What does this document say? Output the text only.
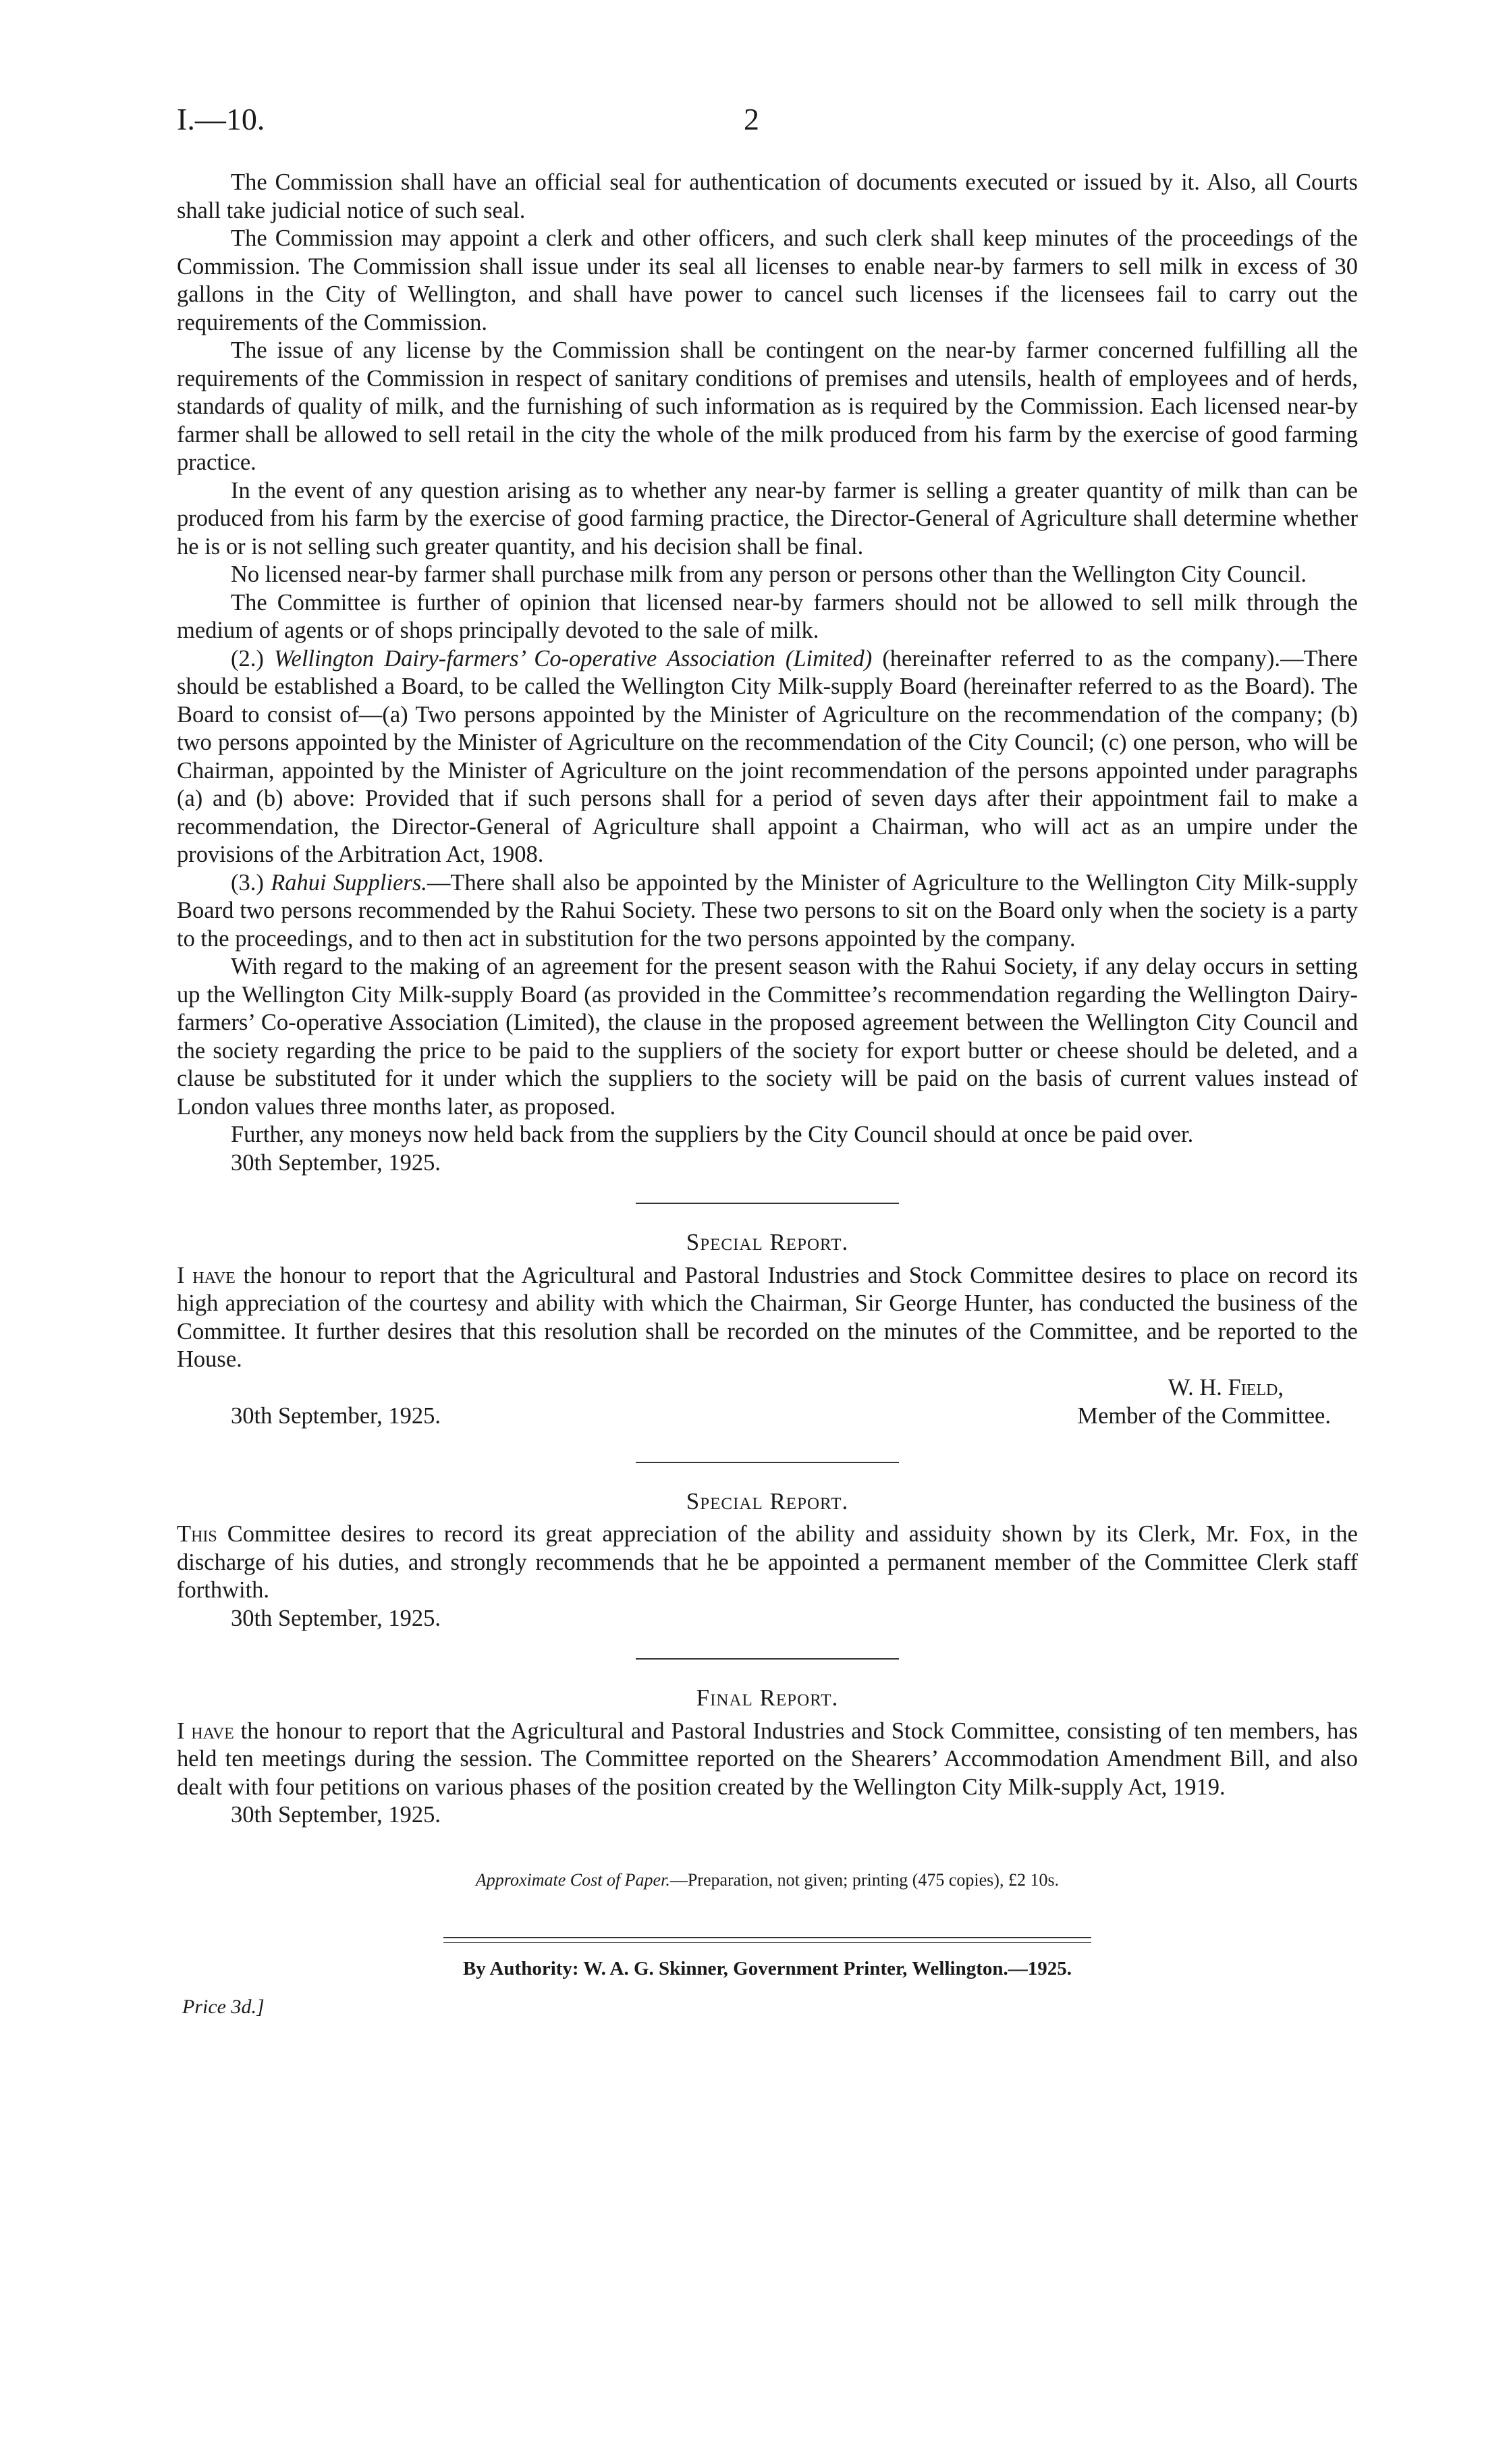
I.—10.	2

The Commission shall have an official seal for authentication of documents executed or issued by it. Also, all Courts shall take judicial notice of such seal.

The Commission may appoint a clerk and other officers, and such clerk shall keep minutes of the proceedings of the Commission. The Commission shall issue under its seal all licenses to enable near-by farmers to sell milk in excess of 30 gallons in the City of Wellington, and shall have power to cancel such licenses if the licensees fail to carry out the requirements of the Commission.

The issue of any license by the Commission shall be contingent on the near-by farmer concerned fulfilling all the requirements of the Commission in respect of sanitary conditions of premises and utensils, health of employees and of herds, standards of quality of milk, and the furnishing of such information as is required by the Commission. Each licensed near-by farmer shall be allowed to sell retail in the city the whole of the milk produced from his farm by the exercise of good farming practice.

In the event of any question arising as to whether any near-by farmer is selling a greater quantity of milk than can be produced from his farm by the exercise of good farming practice, the Director-General of Agriculture shall determine whether he is or is not selling such greater quantity, and his decision shall be final.

No licensed near-by farmer shall purchase milk from any person or persons other than the Wellington City Council.

The Committee is further of opinion that licensed near-by farmers should not be allowed to sell milk through the medium of agents or of shops principally devoted to the sale of milk.

(2.) Wellington Dairy-farmers’ Co-operative Association (Limited) (hereinafter referred to as the company).—There should be established a Board, to be called the Wellington City Milk-supply Board (hereinafter referred to as the Board). The Board to consist of—(a) Two persons appointed by the Minister of Agriculture on the recommendation of the company; (b) two persons appointed by the Minister of Agriculture on the recommendation of the City Council; (c) one person, who will be Chairman, appointed by the Minister of Agriculture on the joint recommendation of the persons appointed under paragraphs (a) and (b) above: Provided that if such persons shall for a period of seven days after their appointment fail to make a recommendation, the Director-General of Agriculture shall appoint a Chairman, who will act as an umpire under the provisions of the Arbitration Act, 1908.

(3.) Rahui Suppliers.—There shall also be appointed by the Minister of Agriculture to the Wellington City Milk-supply Board two persons recommended by the Rahui Society. These two persons to sit on the Board only when the society is a party to the proceedings, and to then act in substitution for the two persons appointed by the company.

With regard to the making of an agreement for the present season with the Rahui Society, if any delay occurs in setting up the Wellington City Milk-supply Board (as provided in the Committee’s recommendation regarding the Wellington Dairy-farmers’ Co-operative Association (Limited), the clause in the proposed agreement between the Wellington City Council and the society regarding the price to be paid to the suppliers of the society for export butter or cheese should be deleted, and a clause be substituted for it under which the suppliers to the society will be paid on the basis of current values instead of London values three months later, as proposed.

Further, any moneys now held back from the suppliers by the City Council should at once be paid over.

30th September, 1925.

Special Report.

I have the honour to report that the Agricultural and Pastoral Industries and Stock Committee desires to place on record its high appreciation of the courtesy and ability with which the Chairman, Sir George Hunter, has conducted the business of the Committee. It further desires that this resolution shall be recorded on the minutes of the Committee, and be reported to the House.

W. H. Field,
30th September, 1925.	Member of the Committee.

Special Report.

This Committee desires to record its great appreciation of the ability and assiduity shown by its Clerk, Mr. Fox, in the discharge of his duties, and strongly recommends that he be appointed a permanent member of the Committee Clerk staff forthwith.

30th September, 1925.

Final Report.

I have the honour to report that the Agricultural and Pastoral Industries and Stock Committee, consisting of ten members, has held ten meetings during the session. The Committee reported on the Shearers’ Accommodation Amendment Bill, and also dealt with four petitions on various phases of the position created by the Wellington City Milk-supply Act, 1919.

30th September, 1925.

Approximate Cost of Paper.—Preparation, not given; printing (475 copies), £2 10s.
By Authority: W. A. G. Skinner, Government Printer, Wellington.—1925.
Price 3d.]
